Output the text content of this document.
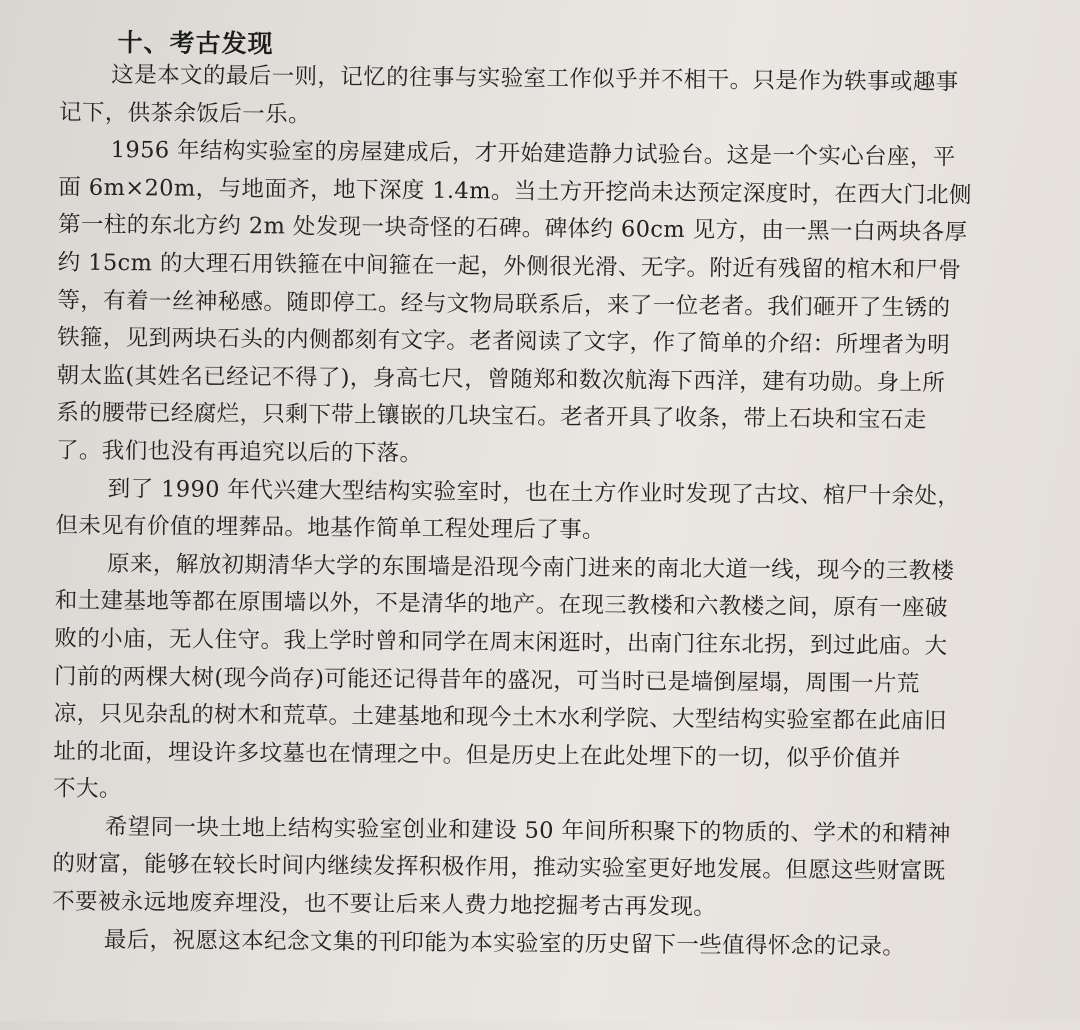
十、考古发现
这是本文的最后一则，记忆的往事与实验室工作似乎并不相干。只是作为轶事或趣事
记下，供茶余饭后一乐。
1956 年结构实验室的房屋建成后，才开始建造静力试验台。这是一个实心台座，平
面 6m×20m，与地面齐，地下深度 1.4m。当土方开挖尚未达预定深度时，在西大门北侧
第一柱的东北方约 2m 处发现一块奇怪的石碑。碑体约 60cm 见方，由一黑一白两块各厚
约 15cm 的大理石用铁箍在中间箍在一起，外侧很光滑、无字。附近有残留的棺木和尸骨
等，有着一丝神秘感。随即停工。经与文物局联系后，来了一位老者。我们砸开了生锈的
铁箍，见到两块石头的内侧都刻有文字。老者阅读了文字，作了简单的介绍：所埋者为明
朝太监(其姓名已经记不得了)，身高七尺，曾随郑和数次航海下西洋，建有功勋。身上所
系的腰带已经腐烂，只剩下带上镶嵌的几块宝石。老者开具了收条，带上石块和宝石走
了。我们也没有再追究以后的下落。
到了 1990 年代兴建大型结构实验室时，也在土方作业时发现了古坟、棺尸十余处，
但未见有价值的埋葬品。地基作简单工程处理后了事。
原来，解放初期清华大学的东围墙是沿现今南门进来的南北大道一线，现今的三教楼
和土建基地等都在原围墙以外，不是清华的地产。在现三教楼和六教楼之间，原有一座破
败的小庙，无人住守。我上学时曾和同学在周末闲逛时，出南门往东北拐，到过此庙。大
门前的两棵大树(现今尚存)可能还记得昔年的盛况，可当时已是墙倒屋塌，周围一片荒
凉，只见杂乱的树木和荒草。土建基地和现今土木水利学院、大型结构实验室都在此庙旧
址的北面，埋设许多坟墓也在情理之中。但是历史上在此处埋下的一切，似乎价值并
不大。
希望同一块土地上结构实验室创业和建设 50 年间所积聚下的物质的、学术的和精神
的财富，能够在较长时间内继续发挥积极作用，推动实验室更好地发展。但愿这些财富既
不要被永远地废弃埋没，也不要让后来人费力地挖掘考古再发现。
最后，祝愿这本纪念文集的刊印能为本实验室的历史留下一些值得怀念的记录。
